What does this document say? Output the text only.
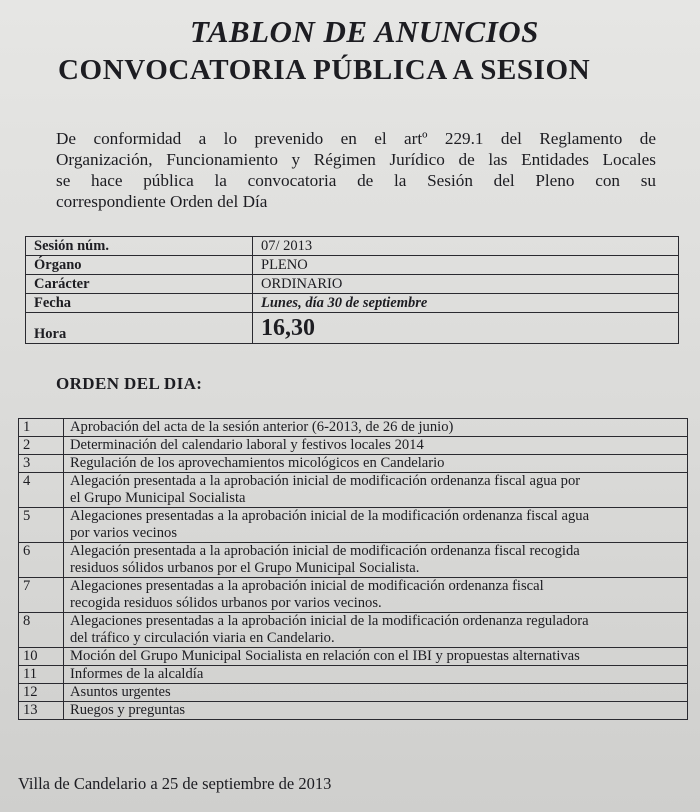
TABLON DE ANUNCIOS
CONVOCATORIA PÚBLICA A SESION
De conformidad a lo prevenido en el artº 229.1 del Reglamento de
Organización, Funcionamiento y Régimen Jurídico de las Entidades Locales
se hace pública la convocatoria de la Sesión del Pleno con su
correspondiente Orden del Día
Sesión núm.	07/ 2013
Órgano	PLENO
Carácter	ORDINARIO
Fecha	Lunes, día 30 de septiembre
Hora	16,30
ORDEN DEL DIA:
1	Aprobación del acta de la sesión anterior (6-2013, de 26 de junio)

2	Determinación del calendario laboral y festivos locales 2014

3	Regulación de los aprovechamientos micológicos en Candelario

4	Alegación presentada a la aprobación inicial de modificación ordenanza fiscal agua por
el Grupo Municipal Socialista

5	Alegaciones presentadas a la aprobación inicial de la modificación ordenanza fiscal agua
por varios vecinos

6	Alegación presentada a la aprobación inicial de modificación ordenanza fiscal recogida
residuos sólidos urbanos por el Grupo Municipal Socialista.

7	Alegaciones presentadas a la aprobación inicial de modificación ordenanza fiscal
recogida residuos sólidos urbanos por varios vecinos.

8	Alegaciones presentadas a la aprobación inicial de la modificación ordenanza reguladora
del tráfico y circulación viaria en Candelario.

10	Moción del Grupo Municipal Socialista en relación con el IBI y propuestas alternativas

11	Informes de la alcaldía

12	Asuntos urgentes

13	Ruegos y preguntas
Villa de Candelario a 25 de septiembre de 2013
